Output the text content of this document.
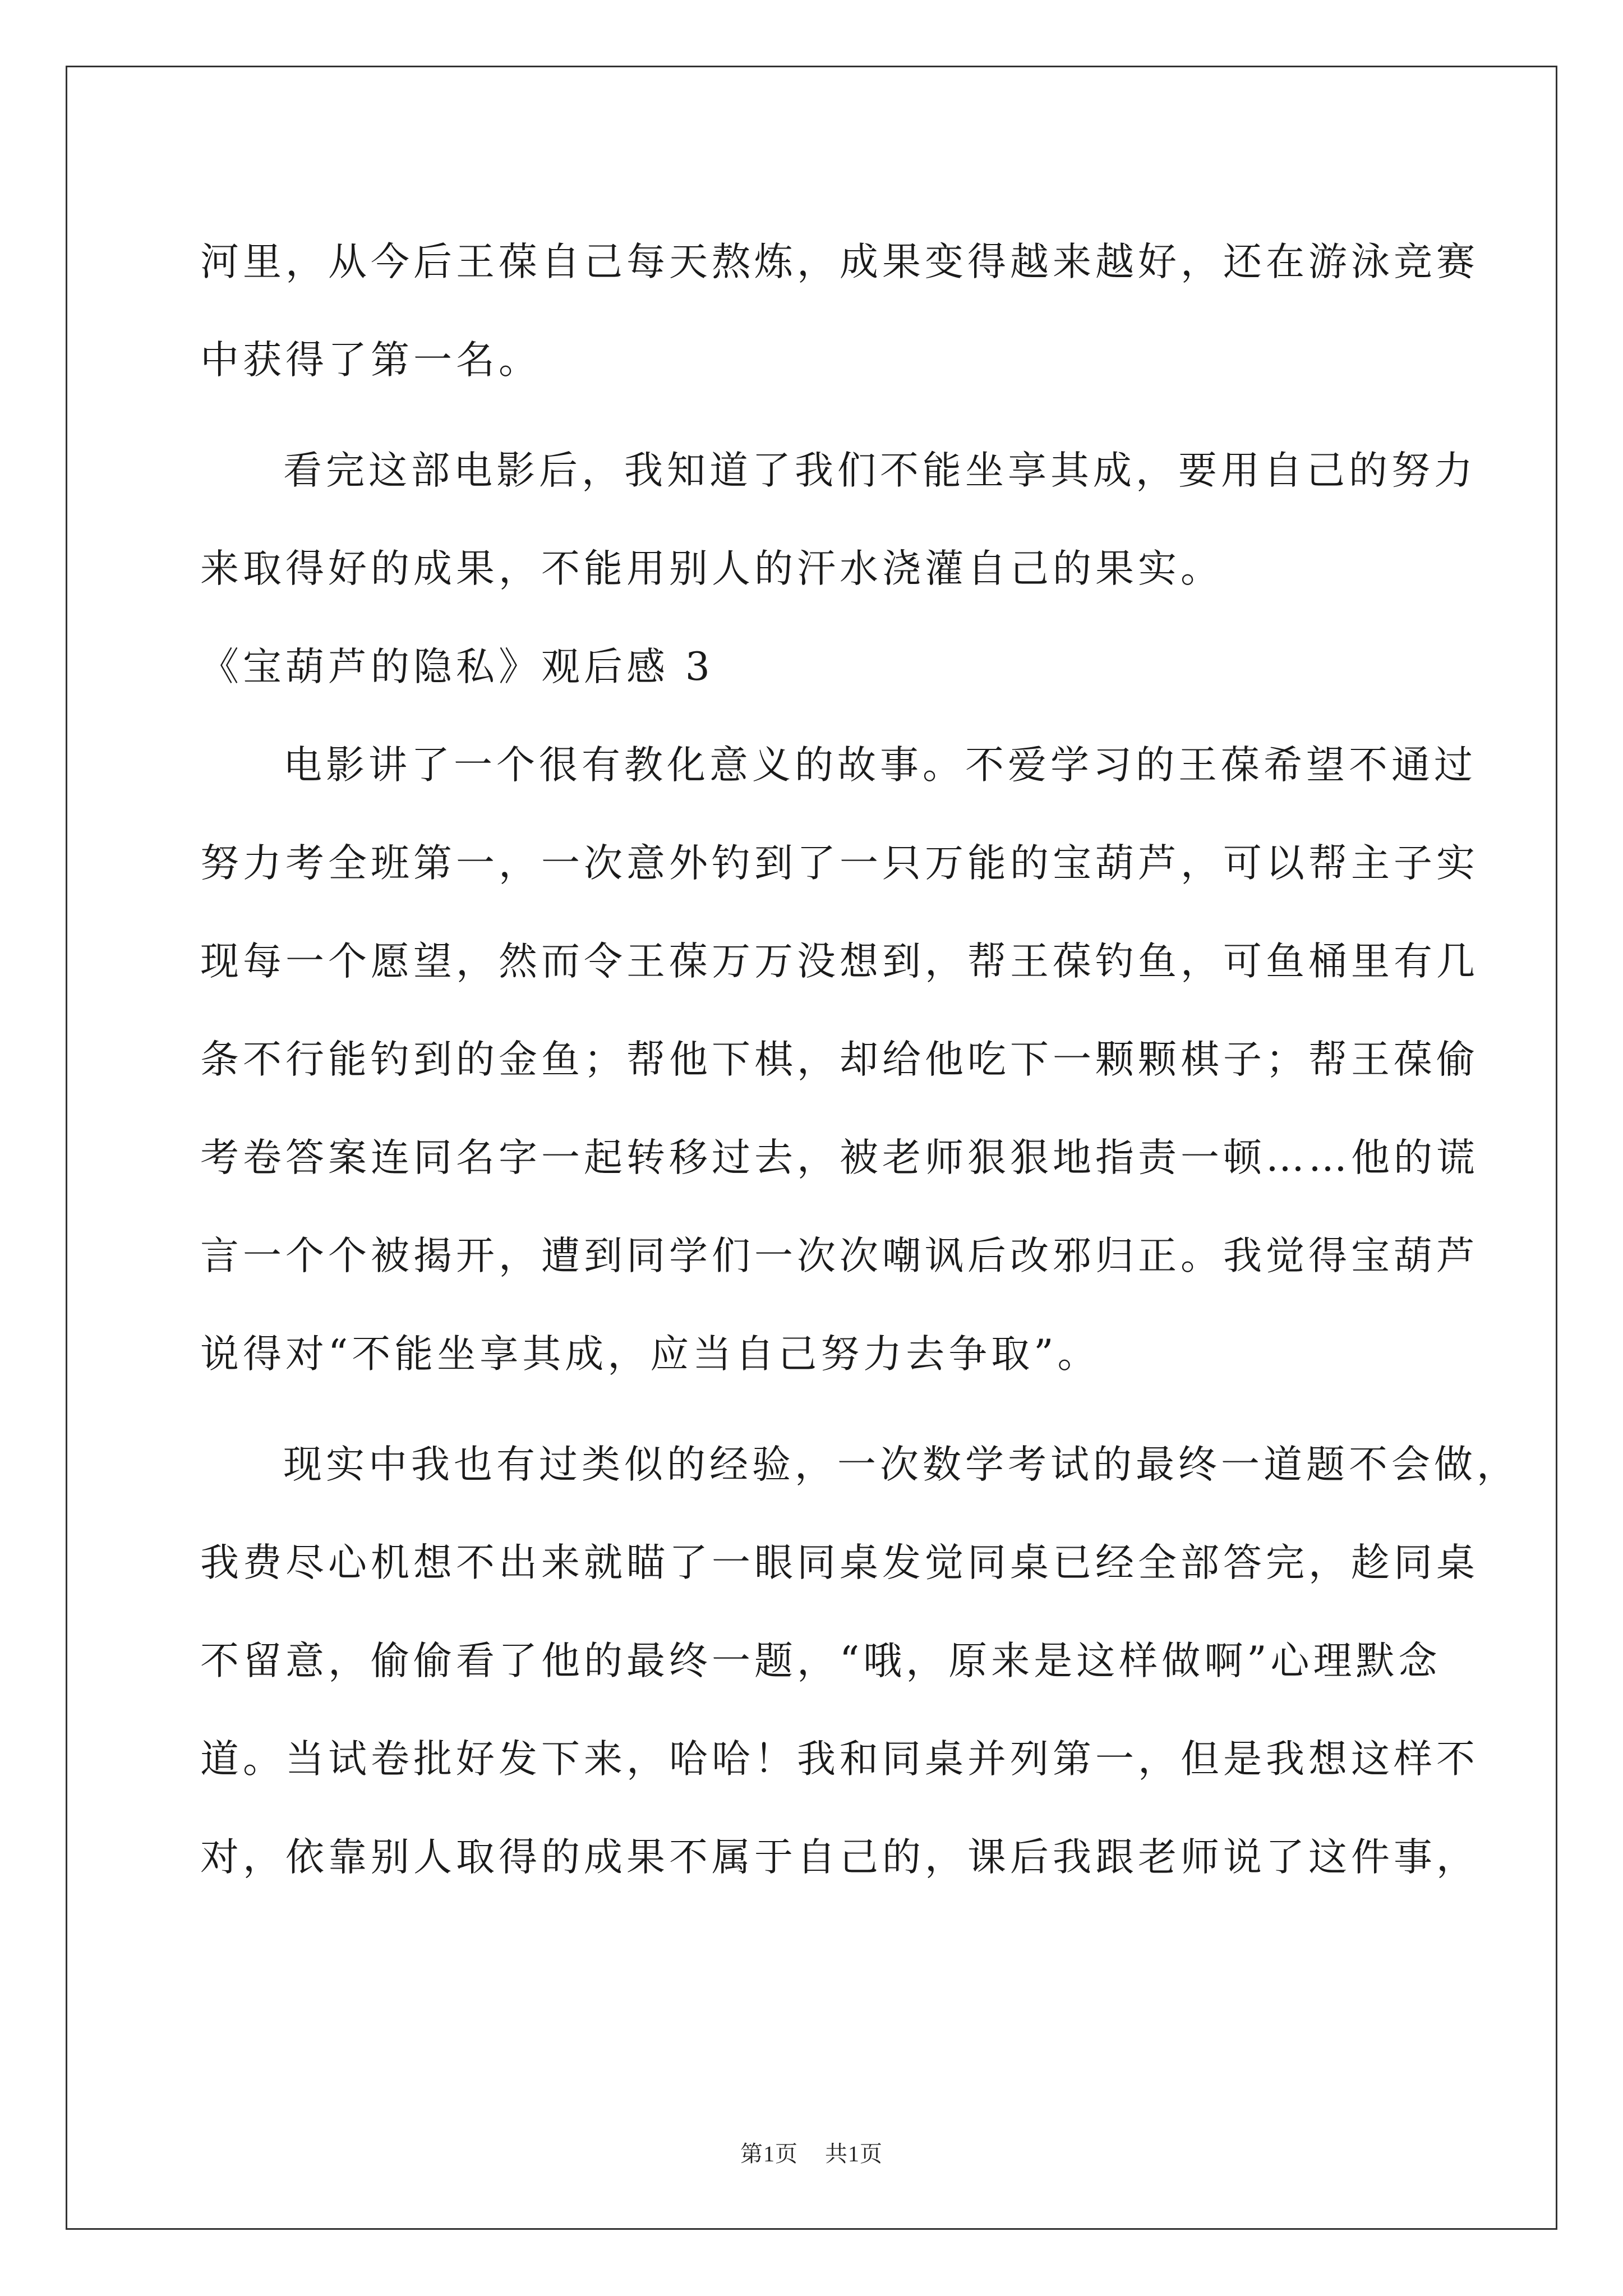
河里，从今后王葆自己每天熬炼，成果变得越来越好，还在游泳竞赛
中获得了第一名。

看完这部电影后，我知道了我们不能坐享其成，要用自己的努力
来取得好的成果，不能用别人的汗水浇灌自己的果实。

《宝葫芦的隐私》观后感 3

电影讲了一个很有教化意义的故事。不爱学习的王葆希望不通过
努力考全班第一，一次意外钓到了一只万能的宝葫芦，可以帮主子实
现每一个愿望，然而令王葆万万没想到，帮王葆钓鱼，可鱼桶里有几
条不行能钓到的金鱼；帮他下棋，却给他吃下一颗颗棋子；帮王葆偷
考卷答案连同名字一起转移过去，被老师狠狠地指责一顿……他的谎
言一个个被揭开，遭到同学们一次次嘲讽后改邪归正。我觉得宝葫芦
说得对“不能坐享其成，应当自己努力去争取”。

现实中我也有过类似的经验，一次数学考试的最终一道题不会做，
我费尽心机想不出来就瞄了一眼同桌发觉同桌已经全部答完，趁同桌
不留意，偷偷看了他的最终一题，“哦，原来是这样做啊”心理默念
道。当试卷批好发下来，哈哈！我和同桌并列第一，但是我想这样不
对，依靠别人取得的成果不属于自己的，课后我跟老师说了这件事，

第1页 共1页
